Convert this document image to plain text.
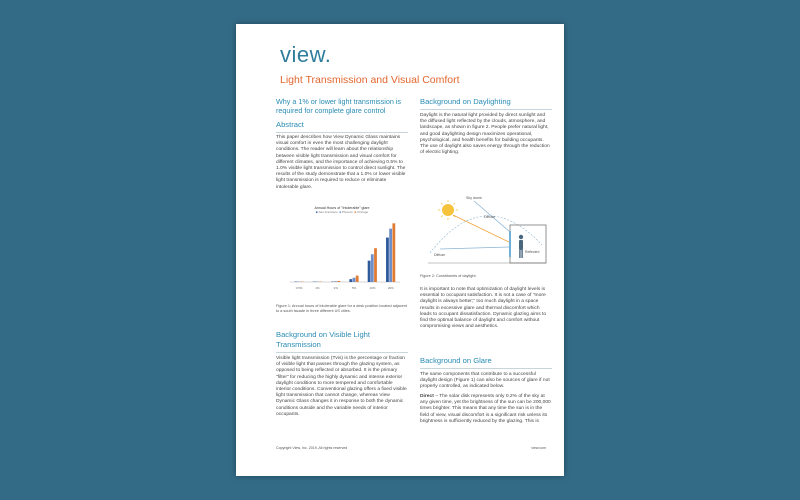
view.
Light Transmission and Visual Comfort
Why a 1% or lower light transmission is required for complete glare control
Abstract
This paper describes how View Dynamic Glass maintains visual comfort in even the most challenging daylight conditions. The reader will learn about the relationship between visible light transmission and visual comfort for different climates, and the importance of achieving 0.5% to 1.0% visible light transmission to control direct sunlight. The results of the study demonstrate that a 1.0% or lower visible light transmission is required to reduce or eliminate intolerable glare.
Annual Hours of "Intolerable" glare
■ San Francisco ■ Phoenix ■ Chicago
0.5%	1%	2%	5%	10%	20%
Figure 1: Annual hours of intolerable glare for a desk position located adjacent to a south facade in three different US cities.
Background on Visible Light Transmission
Visible light transmission (Tvis) is the percentage or fraction of visible light that passes through the glazing system, as opposed to being reflected or absorbed. It is the primary "filter" for reducing the highly dynamic and intense exterior daylight conditions to more tempered and comfortable interior conditions. Conventional glazing offers a fixed visible light transmission that cannot change, whereas View Dynamic Glass changes it in response to both the dynamic conditions outside and the variable needs of interior occupants.
Background on Daylighting
Daylight is the natural light provided by direct sunlight and the diffused light reflected by the clouds, atmosphere, and landscape, as shown in figure 2. People prefer natural light, and good daylighting design maximizes operational, psychological, and health benefits for building occupants. The use of daylight also saves energy through the reduction of electric lighting.
Sky dome
Diffuse
Diffuse
Reflected
Figure 2: Constituents of daylight.
It is important to note that optimization of daylight levels is essential to occupant satisfaction. It is not a case of "more daylight is always better;" too much daylight in a space results in excessive glare and thermal discomfort which leads to occupant dissatisfaction. Dynamic glazing aims to find the optimal balance of daylight and comfort without compromising views and aesthetics.
Background on Glare
The same components that contribute to a successful daylight design (Figure 1) can also be sources of glare if not properly controlled, as indicated below.
Direct – The solar disk represents only 0.2% of the sky at any given time, yet the brightness of the sun can be 200,000 times brighter. This means that any time the sun is in the field of view, visual discomfort is a significant risk unless its brightness is sufficiently reduced by the glazing. This is
Copyright View, Inc. 2019, All rights reserved	view.com
